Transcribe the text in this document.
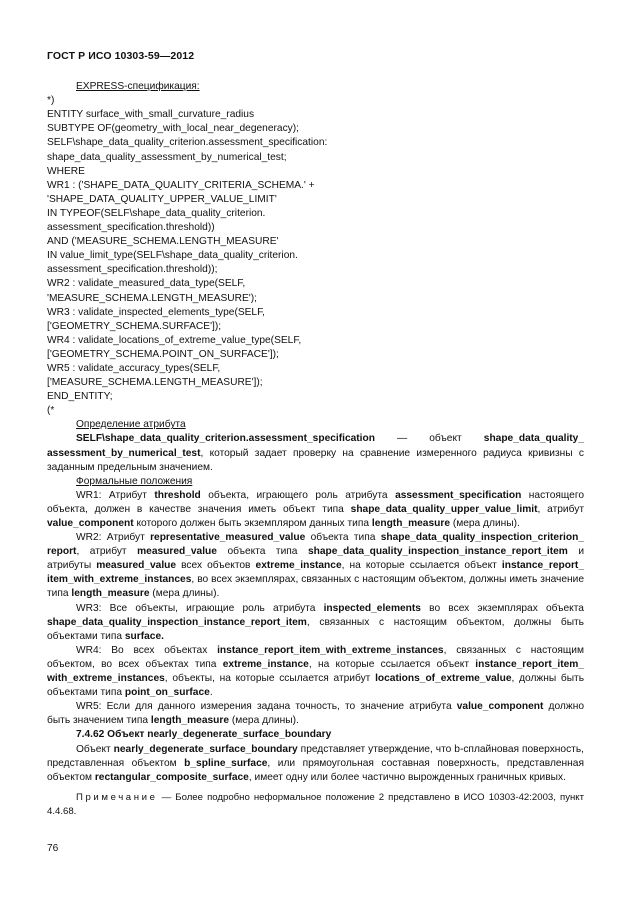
ГОСТ Р ИСО 10303-59—2012

EXPRESS-спецификация:

*)

ENTITY surface_with_small_curvature_radius

SUBTYPE OF(geometry_with_local_near_degeneracy);

SELF\shape_data_quality_criterion.assessment_specification:

shape_data_quality_assessment_by_numerical_test;

WHERE

WR1 : ('SHAPE_DATA_QUALITY_CRITERIA_SCHEMA.' +

'SHAPE_DATA_QUALITY_UPPER_VALUE_LIMIT'

IN TYPEOF(SELF\shape_data_quality_criterion.

assessment_specification.threshold))

AND ('MEASURE_SCHEMA.LENGTH_MEASURE'

IN value_limit_type(SELF\shape_data_quality_criterion.

assessment_specification.threshold));

WR2 : validate_measured_data_type(SELF,

'MEASURE_SCHEMA.LENGTH_MEASURE');

WR3 : validate_inspected_elements_type(SELF,

['GEOMETRY_SCHEMA.SURFACE']);

WR4 : validate_locations_of_extreme_value_type(SELF,

['GEOMETRY_SCHEMA.POINT_ON_SURFACE']);

WR5 : validate_accuracy_types(SELF,

['MEASURE_SCHEMA.LENGTH_MEASURE']);

END_ENTITY;

(*

Определение атрибута

SELF\shape_data_quality_criterion.assessment_specification — объект shape_data_quality_ assessment_by_numerical_test, который задает проверку на сравнение измеренного радиуса кривизны с заданным предельным значением.

Формальные положения

WR1: Атрибут threshold объекта, играющего роль атрибута assessment_specification настоящего объекта, должен в качестве значения иметь объект типа shape_data_quality_upper_value_limit, атрибут value_component которого должен быть экземпляром данных типа length_measure (мера длины).

WR2: Атрибут representative_measured_value объекта типа shape_data_quality_inspection_criterion_ report, атрибут measured_value объекта типа shape_data_quality_inspection_instance_report_item и атрибуты measured_value всех объектов extreme_instance, на которые ссылается объект instance_report_ item_with_extreme_instances, во всех экземплярах, связанных с настоящим объектом, должны иметь значение типа length_measure (мера длины).

WR3: Все объекты, играющие роль атрибута inspected_elements во всех экземплярах объекта shape_data_quality_inspection_instance_report_item, связанных с настоящим объектом, должны быть объектами типа surface.

WR4: Во всех объектах instance_report_item_with_extreme_instances, связанных с настоящим объектом, во всех объектах типа extreme_instance, на которые ссылается объект instance_report_item_ with_extreme_instances, объекты, на которые ссылается атрибут locations_of_extreme_value, должны быть объектами типа point_on_surface.

WR5: Если для данного измерения задана точность, то значение атрибута value_component должно быть значением типа length_measure (мера длины).

7.4.62 Объект nearly_degenerate_surface_boundary

Объект nearly_degenerate_surface_boundary представляет утверждение, что b-сплайновая поверхность, представленная объектом b_spline_surface, или прямоугольная составная поверхность, представленная объектом rectangular_composite_surface, имеет одну или более частично вырожденных граничных кривых.

Примечание — Более подробно неформальное положение 2 представлено в ИСО 10303-42:2003, пункт 4.4.68.

76
